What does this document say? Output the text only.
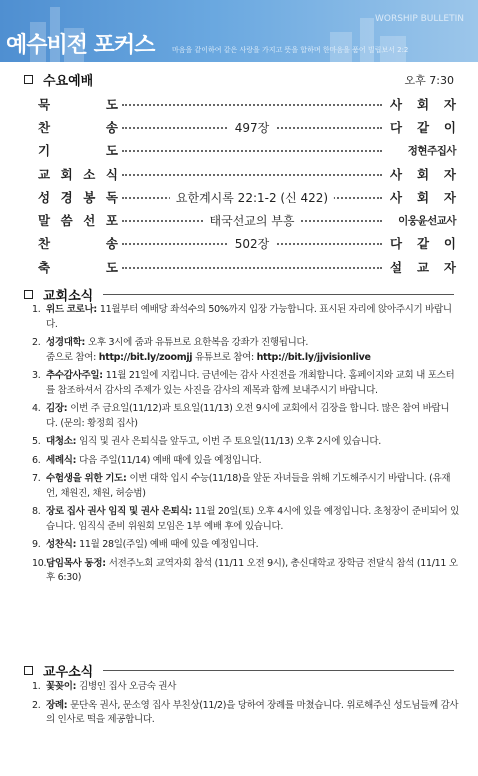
예수비전 포커스
WORSHIP BULLETIN
마음을 같이하여 같은 사랑을 가지고 뜻을 합하며 한마음을 품어 빌립보서 2:2
수요예배	오후 7:30
묵	도	사 회 자
찬	송	497장	다 같 이
기	도	정현주집사
교 회 소 식	사 회 자
성 경 봉 독	요한계시록 22:1-2 (신 422)	사 회 자
말 씀 선 포	태국선교의 부흥	이웅윤선교사
찬	송	502장	다 같 이
축	도	설 교 자
교회소식
1. 위드 코로나: 11월부터 예배당 좌석수의 50%까지 입장 가능합니다. 표시된 자리에 앉아주시기 바랍니다.
2. 성경대학: 오후 3시에 줌과 유튜브로 요한복음 강좌가 진행됩니다.
줌으로 참여: http://bit.ly/zoomjj 유튜브로 참여: http://bit.ly/jjvisionlive
3. 추수감사주일: 11월 21일에 지킵니다. 금년에는 감사 사진전을 개최합니다. 홈페이지와 교회 내 포스터를 참조하셔서 감사의 주제가 있는 사진을 감사의 제목과 함께 보내주시기 바랍니다.
4. 김장: 이번 주 금요일(11/12)과 토요일(11/13) 오전 9시에 교회에서 김장을 합니다. 많은 참여 바랍니다. (문의: 황정희 집사)
5. 대청소: 임직 및 권사 은퇴식을 앞두고, 이번 주 토요일(11/13) 오후 2시에 있습니다.
6. 세례식: 다음 주일(11/14) 예배 때에 있을 예정입니다.
7. 수험생을 위한 기도: 이번 대학 입시 수능(11/18)을 앞둔 자녀들을 위해 기도해주시기 바랍니다. (유재언, 채원진, 채원, 허승범)
8. 장로 집사 권사 임직 및 권사 은퇴식: 11월 20일(토) 오후 4시에 있을 예정입니다. 초청장이 준비되어 있습니다. 임직식 준비 위원회 모임은 1부 예배 후에 있습니다.
9. 성찬식: 11월 28일(주일) 예배 때에 있을 예정입니다.
10. 담임목사 동정: 서전주노회 교역자회 참석 (11/11 오전 9시), 총신대학교 장학금 전달식 참석 (11/11 오후 6:30)
교우소식
1. 꽃꽂이: 김병인 집사 오금숙 권사
2. 장례: 문단옥 권사, 문소영 집사 부친상(11/2)을 당하여 장례를 마쳤습니다. 위로해주신 성도님들께 감사의 인사로 떡을 제공합니다.
